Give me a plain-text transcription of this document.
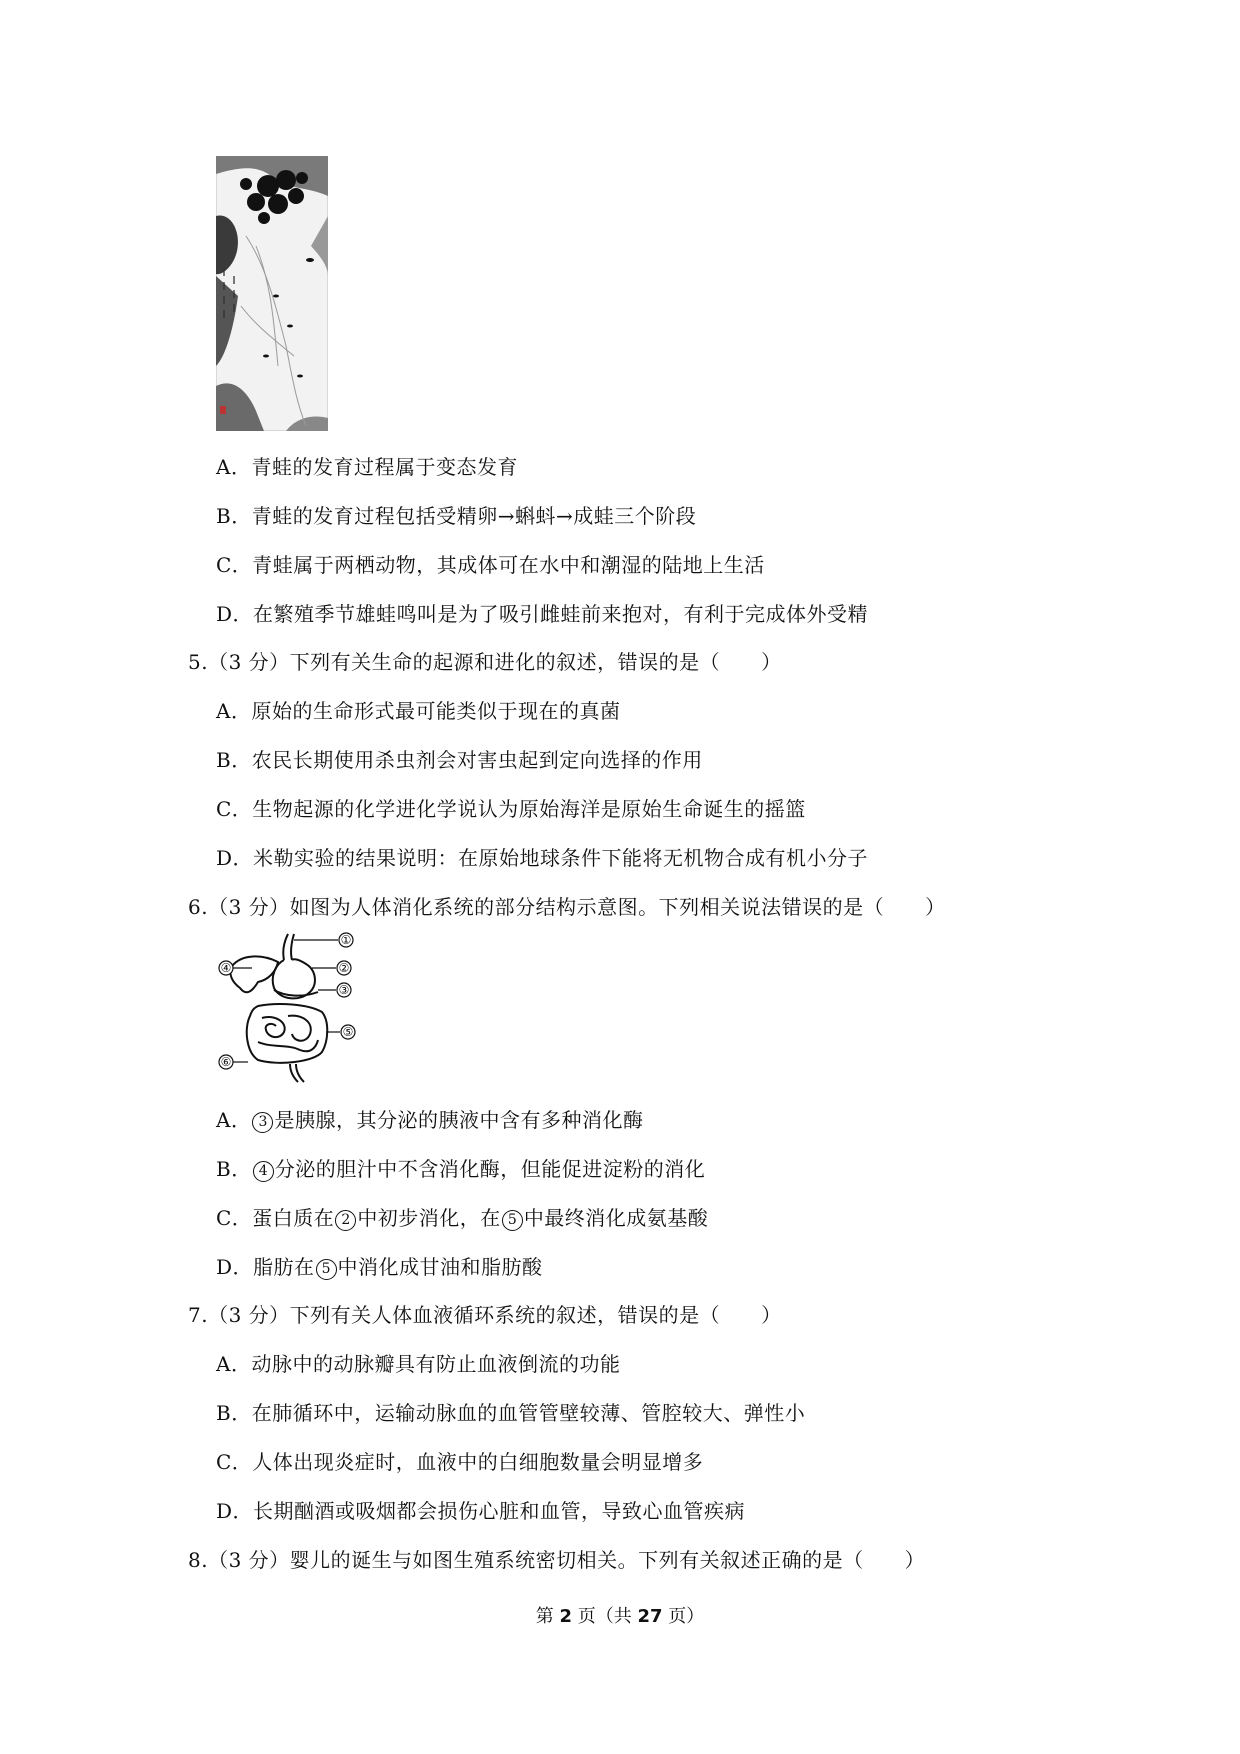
A．青蛙的发育过程属于变态发育
B．青蛙的发育过程包括受精卵→蝌蚪→成蛙三个阶段
C．青蛙属于两栖动物，其成体可在水中和潮湿的陆地上生活
D．在繁殖季节雄蛙鸣叫是为了吸引雌蛙前来抱对，有利于完成体外受精
5.（3 分）下列有关生命的起源和进化的叙述，错误的是（　　）
A．原始的生命形式最可能类似于现在的真菌
B．农民长期使用杀虫剂会对害虫起到定向选择的作用
C．生物起源的化学进化学说认为原始海洋是原始生命诞生的摇篮
D．米勒实验的结果说明：在原始地球条件下能将无机物合成有机小分子
6.（3 分）如图为人体消化系统的部分结构示意图。下列相关说法错误的是（　　）
①
②
③
④
⑤
⑥
A． 3 是胰腺，其分泌的胰液中含有多种消化酶
B． 4 分泌的胆汁中不含消化酶，但能促进淀粉的消化
C．蛋白质在 2 中初步消化，在 5 中最终消化成氨基酸
D．脂肪在 5 中消化成甘油和脂肪酸
7.（3 分）下列有关人体血液循环系统的叙述，错误的是（　　）
A．动脉中的动脉瓣具有防止血液倒流的功能
B．在肺循环中，运输动脉血的血管管壁较薄、管腔较大、弹性小
C．人体出现炎症时，血液中的白细胞数量会明显增多
D．长期酗酒或吸烟都会损伤心脏和血管，导致心血管疾病
8.（3 分）婴儿的诞生与如图生殖系统密切相关。下列有关叙述正确的是（　　）
第 2 页（共 27 页）
